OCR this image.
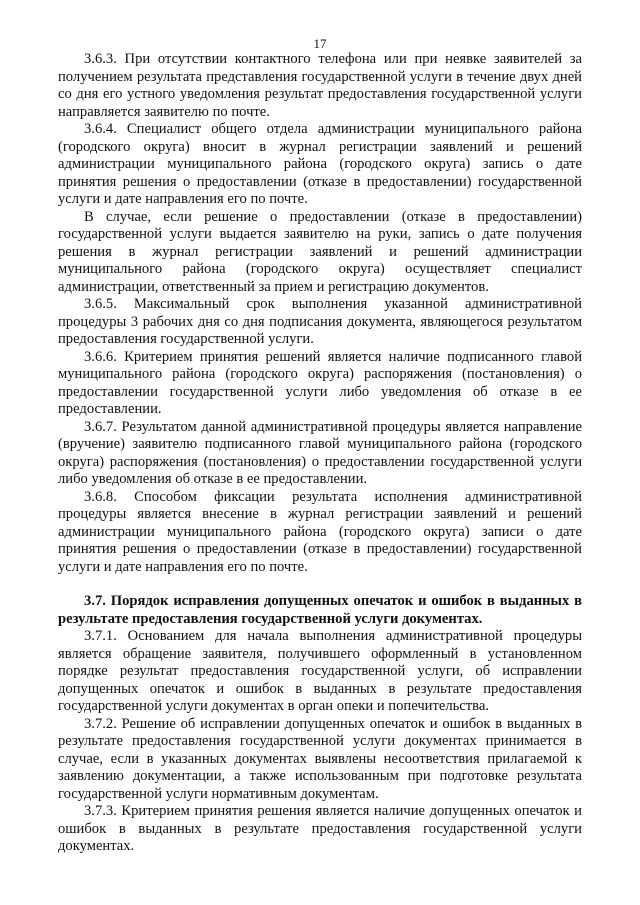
17

3.6.3. При отсутствии контактного телефона или при неявке заявителей за получением результата представления государственной услуги в течение двух дней со дня его устного уведомления результат предоставления государственной услуги направляется заявителю по почте.

3.6.4. Специалист общего отдела администрации муниципального района (городского округа) вносит в журнал регистрации заявлений и решений администрации муниципального района (городского округа) запись о дате принятия решения о предоставлении (отказе в предоставлении) государственной услуги и дате направления его по почте.

В случае, если решение о предоставлении (отказе в предоставлении) государственной услуги выдается заявителю на руки, запись о дате получения решения в журнал регистрации заявлений и решений администрации муниципального района (городского округа) осуществляет специалист администрации, ответственный за прием и регистрацию документов.

3.6.5. Максимальный срок выполнения указанной административной процедуры 3 рабочих дня со дня подписания документа, являющегося результатом предоставления государственной услуги.

3.6.6. Критерием принятия решений является наличие подписанного главой муниципального района (городского округа) распоряжения (постановления) о предоставлении государственной услуги либо уведомления об отказе в ее предоставлении.

3.6.7. Результатом данной административной процедуры является направление (вручение) заявителю подписанного главой муниципального района (городского округа) распоряжения (постановления) о предоставлении государственной услуги либо уведомления об отказе в ее предоставлении.

3.6.8. Способом фиксации результата исполнения административной процедуры является внесение в журнал регистрации заявлений и решений администрации муниципального района (городского округа) записи о дате принятия решения о предоставлении (отказе в предоставлении) государственной услуги и дате направления его по почте.

3.7. Порядок исправления допущенных опечаток и ошибок в выданных в результате предоставления государственной услуги документах.

3.7.1. Основанием для начала выполнения административной процедуры является обращение заявителя, получившего оформленный в установленном порядке результат предоставления государственной услуги, об исправлении допущенных опечаток и ошибок в выданных в результате предоставления государственной услуги документах в орган опеки и попечительства.

3.7.2. Решение об исправлении допущенных опечаток и ошибок в выданных в результате предоставления государственной услуги документах принимается в случае, если в указанных документах выявлены несоответствия прилагаемой к заявлению документации, а также использованным при подготовке результата государственной услуги нормативным документам.

3.7.3. Критерием принятия решения является наличие допущенных опечаток и ошибок в выданных в результате предоставления государственной услуги документах.
